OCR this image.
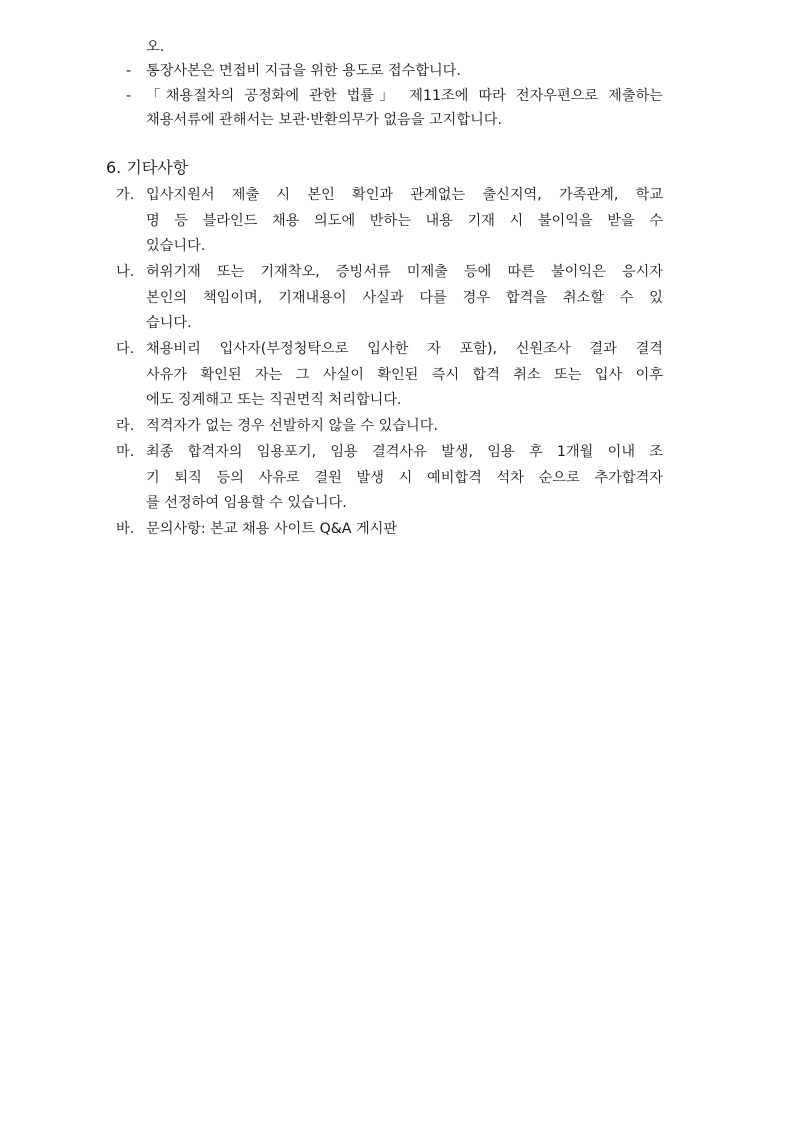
오.
- 통장사본은 면접비 지급을 위한 용도로 접수합니다.
- 「채용절차의 공정화에 관한 법률」 제11조에 따라 전자우편으로 제출하는
채용서류에 관해서는 보관·반환의무가 없음을 고지합니다.
6. 기타사항
가. 입사지원서 제출 시 본인 확인과 관계없는 출신지역, 가족관계, 학교
명 등 블라인드 채용 의도에 반하는 내용 기재 시 불이익을 받을 수
있습니다.
나. 허위기재 또는 기재착오, 증빙서류 미제출 등에 따른 불이익은 응시자
본인의 책임이며, 기재내용이 사실과 다를 경우 합격을 취소할 수 있
습니다.
다. 채용비리 입사자(부정청탁으로 입사한 자 포함), 신원조사 결과 결격
사유가 확인된 자는 그 사실이 확인된 즉시 합격 취소 또는 입사 이후
에도 징계해고 또는 직권면직 처리합니다.
라. 적격자가 없는 경우 선발하지 않을 수 있습니다.
마. 최종 합격자의 임용포기, 임용 결격사유 발생, 임용 후 1개월 이내 조
기 퇴직 등의 사유로 결원 발생 시 예비합격 석차 순으로 추가합격자
를 선정하여 임용할 수 있습니다.
바. 문의사항: 본교 채용 사이트 Q&A 게시판
